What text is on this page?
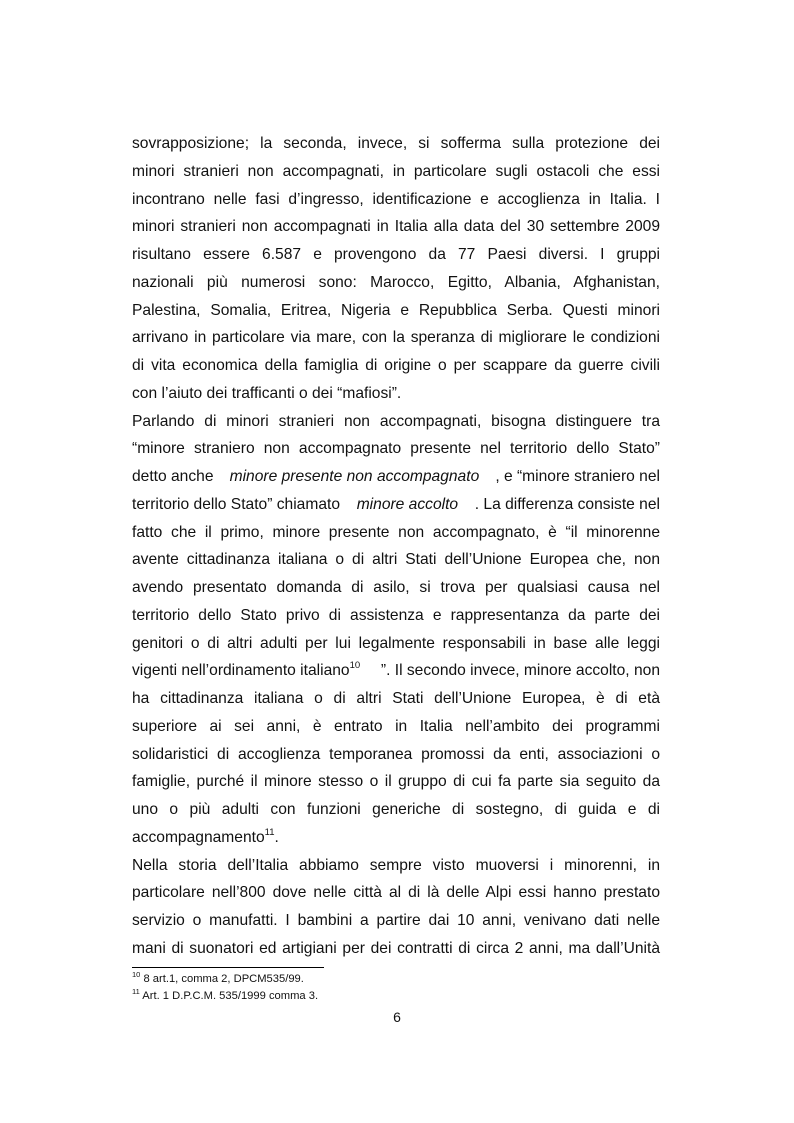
sovrapposizione; la seconda, invece, si sofferma sulla protezione dei
minori stranieri non accompagnati, in particolare sugli ostacoli che essi
incontrano nelle fasi d’ingresso, identificazione e accoglienza in Italia. I
minori stranieri non accompagnati in Italia alla data del 30 settembre 2009
risultano essere 6.587 e provengono da 77 Paesi diversi. I gruppi
nazionali più numerosi sono: Marocco, Egitto, Albania, Afghanistan,
Palestina, Somalia, Eritrea, Nigeria e Repubblica Serba. Questi minori
arrivano in particolare via mare, con la speranza di migliorare le condizioni
di vita economica della famiglia di origine o per scappare da guerre civili
con l’aiuto dei trafficanti o dei “mafiosi”.
Parlando di minori stranieri non accompagnati, bisogna distinguere tra
“minore straniero non accompagnato presente nel territorio dello Stato”
detto anche minore presente non accompagnato , e “minore straniero nel
territorio dello Stato” chiamato minore accolto . La differenza consiste nel
fatto che il primo, minore presente non accompagnato, è “il minorenne
avente cittadinanza italiana o di altri Stati dell’Unione Europea che, non
avendo presentato domanda di asilo, si trova per qualsiasi causa nel
territorio dello Stato privo di assistenza e rappresentanza da parte dei
genitori o di altri adulti per lui legalmente responsabili in base alle leggi
vigenti nell’ordinamento italiano$^{10}$ ”. Il secondo invece, minore accolto, non
ha cittadinanza italiana o di altri Stati dell’Unione Europea, è di età
superiore ai sei anni, è entrato in Italia nell’ambito dei programmi
solidaristici di accoglienza temporanea promossi da enti, associazioni o
famiglie, purché il minore stesso o il gruppo di cui fa parte sia seguito da
uno o più adulti con funzioni generiche di sostegno, di guida e di
accompagnamento$^{11}$.
Nella storia dell’Italia abbiamo sempre visto muoversi i minorenni, in
particolare nell’800 dove nelle città al di là delle Alpi essi hanno prestato
servizio o manufatti. I bambini a partire dai 10 anni, venivano dati nelle
mani di suonatori ed artigiani per dei contratti di circa 2 anni, ma dall’Unità
$^{10}$ 8 art.1, comma 2, DPCM535/99.
$^{11}$ Art. 1 D.P.C.M. 535/1999 comma 3.
6
